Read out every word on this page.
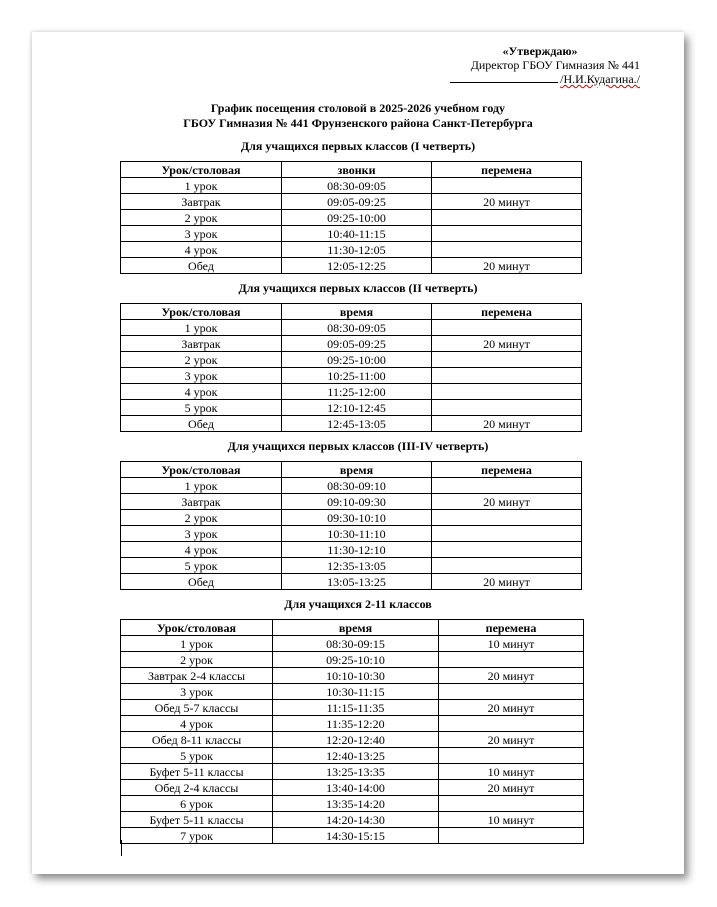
«Утверждаю»
Директор ГБОУ Гимназия № 441
/Н.И.Кудагина./
График посещения столовой в 2025-2026 учебном году
ГБОУ Гимназия № 441 Фрунзенского района Санкт-Петербурга
Для учащихся первых классов (I четверть)
Урок/столовая	звонки	перемена
1 урок	08:30-09:05	
Завтрак	09:05-09:25	20 минут
2 урок	09:25-10:00	
3 урок	10:40-11:15	
4 урок	11:30-12:05	
Обед	12:05-12:25	20 минут
Для учащихся первых классов (II четверть)
Урок/столовая	время	перемена
1 урок	08:30-09:05	
Завтрак	09:05-09:25	20 минут
2 урок	09:25-10:00	
3 урок	10:25-11:00	
4 урок	11:25-12:00	
5 урок	12:10-12:45	
Обед	12:45-13:05	20 минут
Для учащихся первых классов (III-IV четверть)
Урок/столовая	время	перемена
1 урок	08:30-09:10	
Завтрак	09:10-09:30	20 минут
2 урок	09:30-10:10	
3 урок	10:30-11:10	
4 урок	11:30-12:10	
5 урок	12:35-13:05	
Обед	13:05-13:25	20 минут
Для учащихся 2-11 классов
Урок/столовая	время	перемена
1 урок	08:30-09:15	10 минут
2 урок	09:25-10:10	
Завтрак 2-4 классы	10:10-10:30	20 минут
3 урок	10:30-11:15	
Обед 5-7 классы	11:15-11:35	20 минут
4 урок	11:35-12:20	
Обед 8-11 классы	12:20-12:40	20 минут
5 урок	12:40-13:25	
Буфет 5-11 классы	13:25-13:35	10 минут
Обед 2-4 классы	13:40-14:00	20 минут
6 урок	13:35-14:20	
Буфет 5-11 классы	14:20-14:30	10 минут
7 урок	14:30-15:15	
